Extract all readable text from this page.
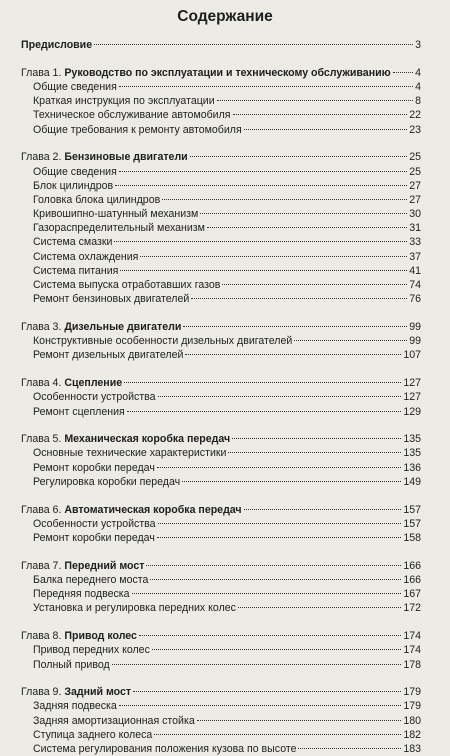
Содержание
Предисловие	3
Глава 1. Руководство по эксплуатации и техническому обслуживанию 4
Общие сведения	4
Краткая инструкция по эксплуатации	8
Техническое обслуживание автомобиля	22
Общие требования к ремонту автомобиля	23
Глава 2. Бензиновые двигатели	25
Общие сведения	25
Блок цилиндров	27
Головка блока цилиндров	27
Кривошипно-шатунный механизм	30
Газораспределительный механизм	31
Система смазки	33
Система охлаждения	37
Система питания	41
Система выпуска отработавших газов	74
Ремонт бензиновых двигателей	76
Глава 3. Дизельные двигатели	99
Конструктивные особенности дизельных двигателей	99
Ремонт дизельных двигателей	107
Глава 4. Сцепление	127
Особенности устройства	127
Ремонт сцепления	129
Глава 5. Механическая коробка передач	135
Основные технические характеристики	135
Ремонт коробки передач	136
Регулировка коробки передач	149
Глава 6. Автоматическая коробка передач	157
Особенности устройства	157
Ремонт коробки передач	158
Глава 7. Передний мост	166
Балка переднего моста	166
Передняя подвеска	167
Установка и регулировка передних колес	172
Глава 8. Привод колес	174
Привод передних колес	174
Полный привод	178
Глава 9. Задний мост	179
Задняя подвеска	179
Задняя амортизационная стойка	180
Ступица заднего колеса	182
Система регулирования положения кузова по высоте	183
